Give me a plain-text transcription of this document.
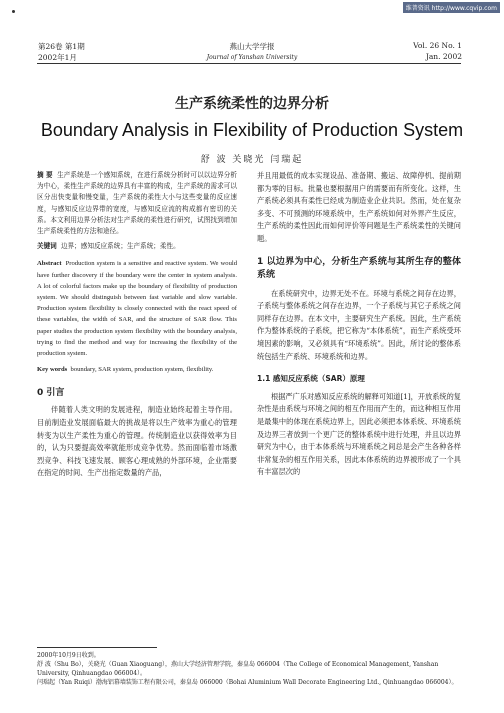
维普资讯 http://www.cqvip.com
第26卷 第1期
2002年1月
燕山大学学报
Journal of Yanshan University
Vol. 26 No. 1
Jan. 2002
生产系统柔性的边界分析
Boundary Analysis in Flexibility of Production System
舒 波 关晓光 闫瑞起

摘 要 生产系统是一个感知系统，在进行系统分析时可以以边界分析为中心，柔性生产系统的边界具有丰富的构成，生产系统的需求可以区分出快变量和慢变量，生产系统的柔性大小与这些变量的反应速度，与感知反应边界带的宽度，与感知反应流的构成都有密切的关系。本文利用边界分析法对生产系统的柔性进行研究，试图找到增加生产系统柔性的方法和途径。

关键词 边界；感知反应系统；生产系统；柔性。

Abstract Production system is a sensitive and reactive system. We would have further discovery if the boundary were the center in system analysis. A lot of colorful factors make up the boundary of flexibility of production system. We should distinguish between fast variable and slow variable. Production system flexibility is closely connected with the react speed of these variables, the width of SAR, and the structure of SAR flow. This paper studies the production system flexibility with the boundary analysis, trying to find the method and way for increasing the flexibility of the production system.

Key words boundary, SAR system, production system, flexibility.

0 引言

伴随着人类文明的发展进程，制造业始终起着主导作用。目前制造业发展面临最大的挑战是将以生产效率为重心的管理转变为以生产柔性为重心的管理。传统制造业以获得效率为目的，认为只要提高效率就能形成竞争优势。然而面临着市场激烈竞争、科技飞速发展、顾客心理成熟的外部环境，企业需要在指定的时间、生产出指定数量的产品，

并且用最低的成本实现设品、准备期、搬运、故障停机、提前期都为零的目标。批量也要根据用户的需要而有所变化。这样，生产系统必须具有柔性已经成为制造业企业共识。然而，处在复杂多变、不可预测的环境系统中，生产系统如何对外界产生反应，生产系统的柔性因此而如何评价等问题是生产系统柔性的关键问题。

1 以边界为中心，分析生产系统与其所生存的整体系统

在系统研究中，边界无处不在。环境与系统之间存在边界，子系统与整体系统之间存在边界，一个子系统与其它子系统之间同样存在边界。在本文中，主要研究生产系统。因此，生产系统作为整体系统的子系统，把它称为“本体系统”，而生产系统受环境因素的影响，又必须具有“环境系统”。因此，所讨论的整体系统包括生产系统、环境系统和边界。

1.1 感知反应系统（SAR）原理

根据严广乐对感知反应系统的解释可知道[1]，开放系统的复杂性是由系统与环境之间的相互作用而产生的，而这种相互作用是最集中的体现在系统边界上，因此必须把本体系统、环境系统及边界三者放到一个更广泛的整体系统中进行处理，并且以边界研究为中心，由于本体系统与环境系统之间总是会产生各种各样非常复杂的相互作用关系，因此本体系统的边界被形成了一个具有丰富层次的

2000年10月9日收到。
舒 波（Shu Bo），关晓光（Guan Xiaoguang），燕山大学经济管理学院，秦皇岛 066004（The College of Economical Management, Yanshan University, Qinhuangdao 066004）。
闫瑞起（Yan Ruiqi）渤海铝幕墙装饰工程有限公司，秦皇岛 066000（Bohai Aluminium Wall Decorate Engineering Ltd., Qinhuangdao 066004）。
